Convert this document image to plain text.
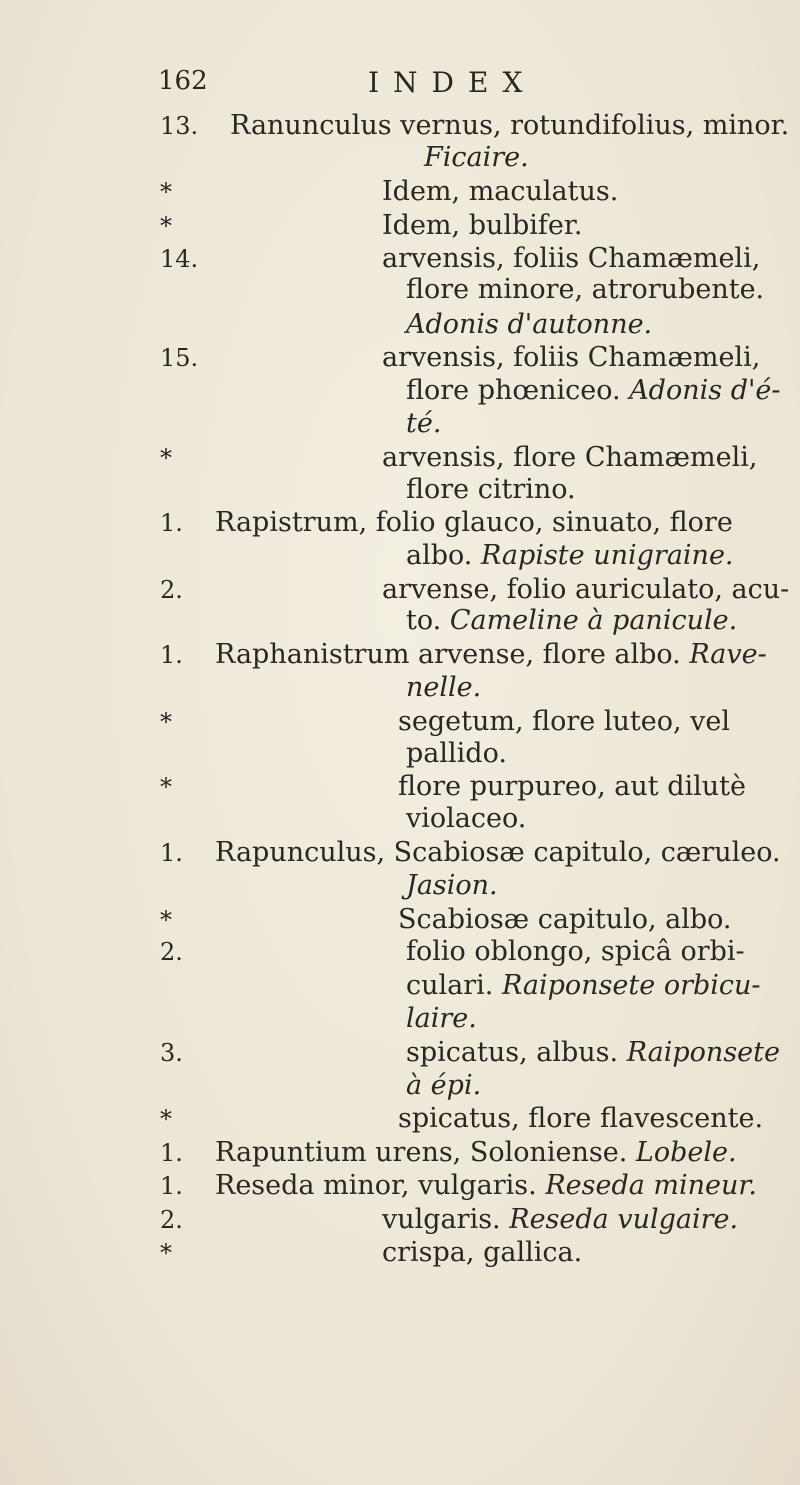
162	INDEX
13. Ranunculus vernus, rotundifolius, minor.
Ficaire.
*	Idem, maculatus.
*	Idem, bulbifer.
14.	arvensis, foliis Chamæmeli,
flore minore, atrorubente.
Adonis d'autonne.
15.	arvensis, foliis Chamæmeli,
flore phœniceo. Adonis d'é-
té.
*	arvensis, flore Chamæmeli,
flore citrino.
1. Rapistrum, folio glauco, sinuato, flore
albo. Rapiste unigraine.
2.	arvense, folio auriculato, acu-
to. Cameline à panicule.
1. Raphanistrum arvense, flore albo. Rave-
nelle.
*	segetum, flore luteo, vel
pallido.
*	flore purpureo, aut dilutè
violaceo.
1. Rapunculus, Scabiosæ capitulo, cæruleo.
Jasion.
*	Scabiosæ capitulo, albo.
2.	folio oblongo, spicâ orbi-
culari. Raiponsete orbicu-
laire.
3.	spicatus, albus. Raiponsete
à épi.
*	spicatus, flore flavescente.
1. Rapuntium urens, Soloniense. Lobele.
1. Reseda minor, vulgaris. Reseda mineur.
2.	vulgaris. Reseda vulgaire.
*	crispa, gallica.
